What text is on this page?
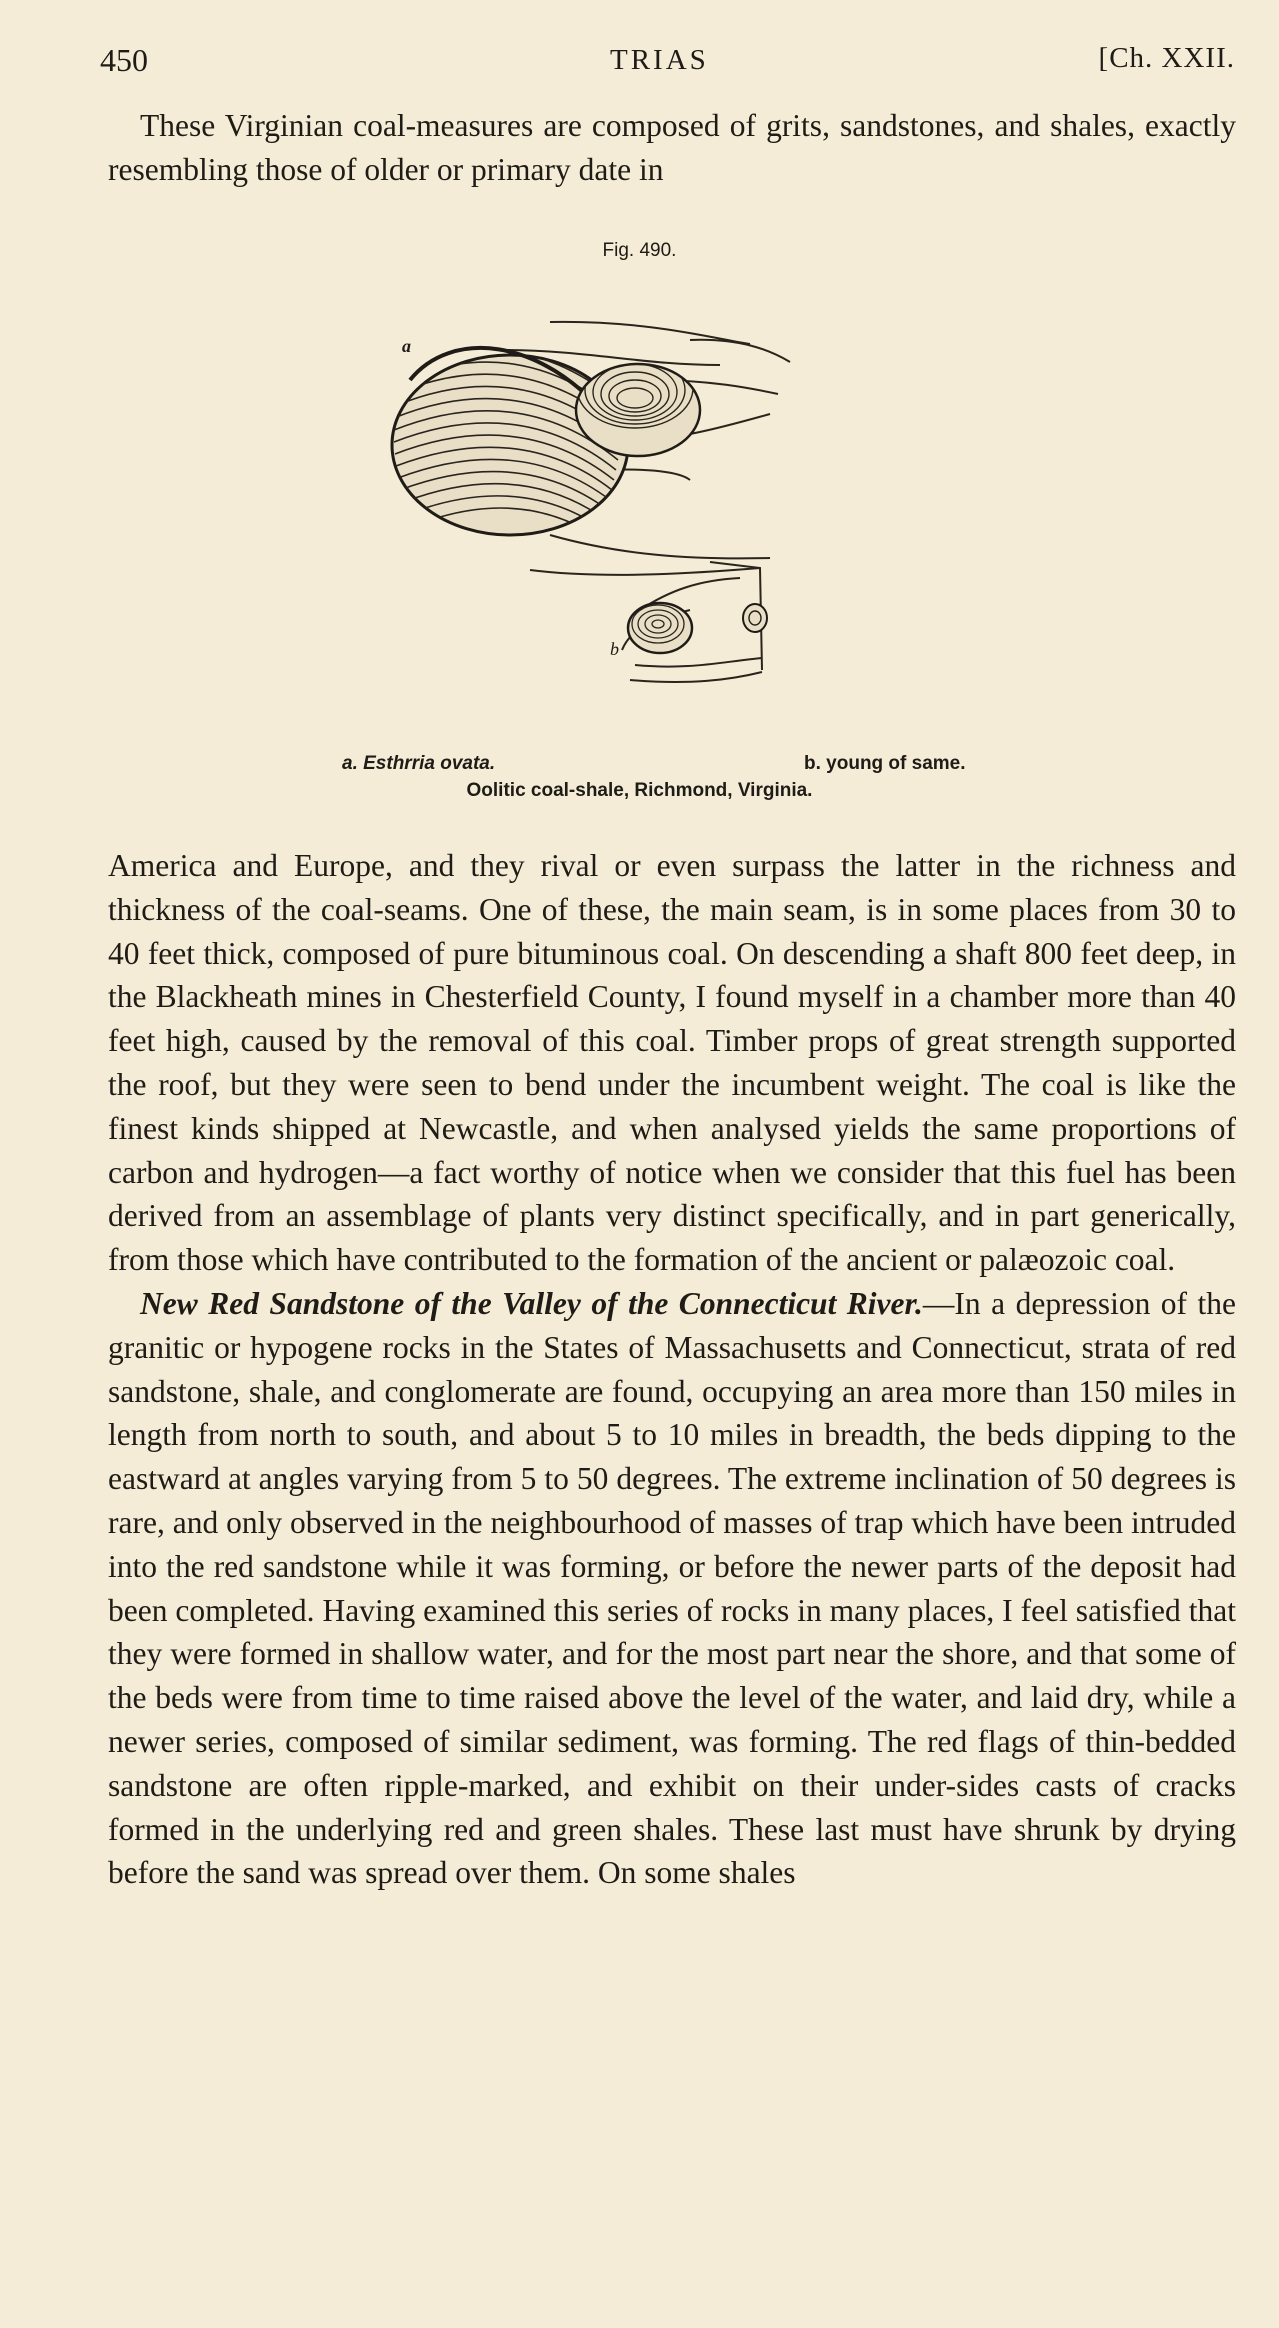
450	TRIAS	[Ch. XXII.

These Virginian coal-measures are composed of grits, sandstones, and shales, exactly resembling those of older or primary date in

Fig. 490.
a
b
a. Esthrria ovata.	b. young of same.
Oolitic coal-shale, Richmond, Virginia.

America and Europe, and they rival or even surpass the latter in the richness and thickness of the coal-seams. One of these, the main seam, is in some places from 30 to 40 feet thick, composed of pure bituminous coal. On descending a shaft 800 feet deep, in the Blackheath mines in Chesterfield County, I found myself in a chamber more than 40 feet high, caused by the removal of this coal. Timber props of great strength supported the roof, but they were seen to bend under the incumbent weight. The coal is like the finest kinds shipped at Newcastle, and when analysed yields the same proportions of carbon and hydrogen—a fact worthy of notice when we consider that this fuel has been derived from an assemblage of plants very distinct specifically, and in part generically, from those which have contributed to the formation of the ancient or palæozoic coal.

New Red Sandstone of the Valley of the Connecticut River.—In a depression of the granitic or hypogene rocks in the States of Massachusetts and Connecticut, strata of red sandstone, shale, and conglomerate are found, occupying an area more than 150 miles in length from north to south, and about 5 to 10 miles in breadth, the beds dipping to the eastward at angles varying from 5 to 50 degrees. The extreme inclination of 50 degrees is rare, and only observed in the neighbourhood of masses of trap which have been intruded into the red sandstone while it was forming, or before the newer parts of the deposit had been completed. Having examined this series of rocks in many places, I feel satisfied that they were formed in shallow water, and for the most part near the shore, and that some of the beds were from time to time raised above the level of the water, and laid dry, while a newer series, composed of similar sediment, was forming. The red flags of thin-bedded sandstone are often ripple-marked, and exhibit on their under-sides casts of cracks formed in the underlying red and green shales. These last must have shrunk by drying before the sand was spread over them. On some shales
